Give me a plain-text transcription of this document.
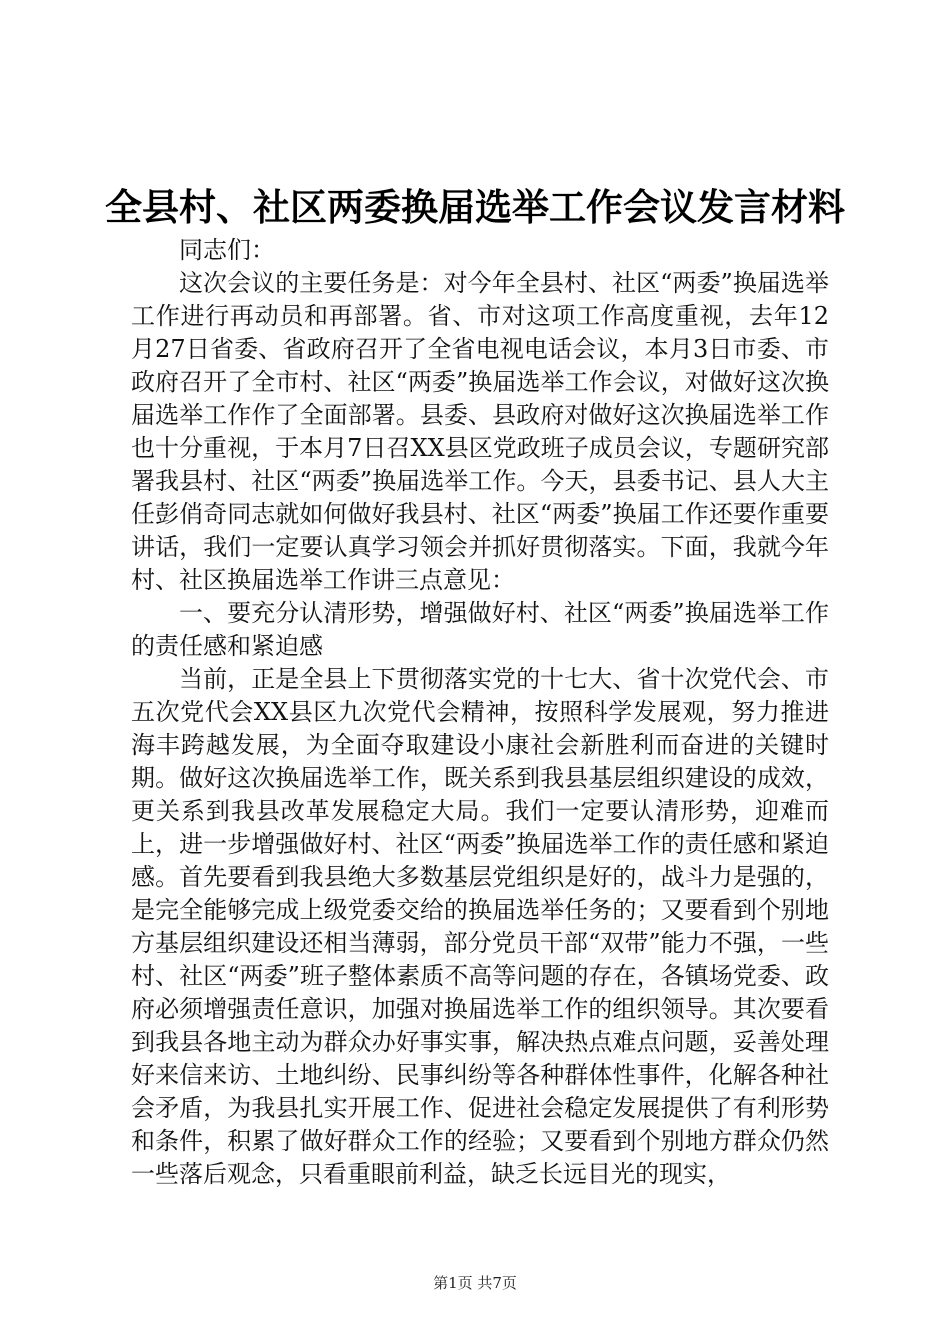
全县村、社区两委换届选举工作会议发言材料

同志们：

这次会议的主要任务是：对今年全县村、社区“两委”换届选举工作进行再动员和再部署。省、市对这项工作高度重视，去年12月27日省委、省政府召开了全省电视电话会议，本月3日市委、市政府召开了全市村、社区“两委”换届选举工作会议，对做好这次换届选举工作作了全面部署。县委、县政府对做好这次换届选举工作也十分重视，于本月7日召XX县区党政班子成员会议，专题研究部署我县村、社区“两委”换届选举工作。今天，县委书记、县人大主任彭俏奇同志就如何做好我县村、社区“两委”换届工作还要作重要讲话，我们一定要认真学习领会并抓好贯彻落实。下面，我就今年村、社区换届选举工作讲三点意见：

一、要充分认清形势，增强做好村、社区“两委”换届选举工作的责任感和紧迫感

当前，正是全县上下贯彻落实党的十七大、省十次党代会、市五次党代会XX县区九次党代会精神，按照科学发展观，努力推进海丰跨越发展，为全面夺取建设小康社会新胜利而奋进的关键时期。做好这次换届选举工作，既关系到我县基层组织建设的成效，更关系到我县改革发展稳定大局。我们一定要认清形势，迎难而上，进一步增强做好村、社区“两委”换届选举工作的责任感和紧迫感。首先要看到我县绝大多数基层党组织是好的，战斗力是强的，是完全能够完成上级党委交给的换届选举任务的；又要看到个别地方基层组织建设还相当薄弱，部分党员干部“双带”能力不强，一些村、社区“两委”班子整体素质不高等问题的存在，各镇场党委、政府必须增强责任意识，加强对换届选举工作的组织领导。其次要看到我县各地主动为群众办好事实事，解决热点难点问题，妥善处理好来信来访、土地纠纷、民事纠纷等各种群体性事件，化解各种社会矛盾，为我县扎实开展工作、促进社会稳定发展提供了有利形势和条件，积累了做好群众工作的经验；又要看到个别地方群众仍然一些落后观念，只看重眼前利益，缺乏长远目光的现实，

第1页 共7页
